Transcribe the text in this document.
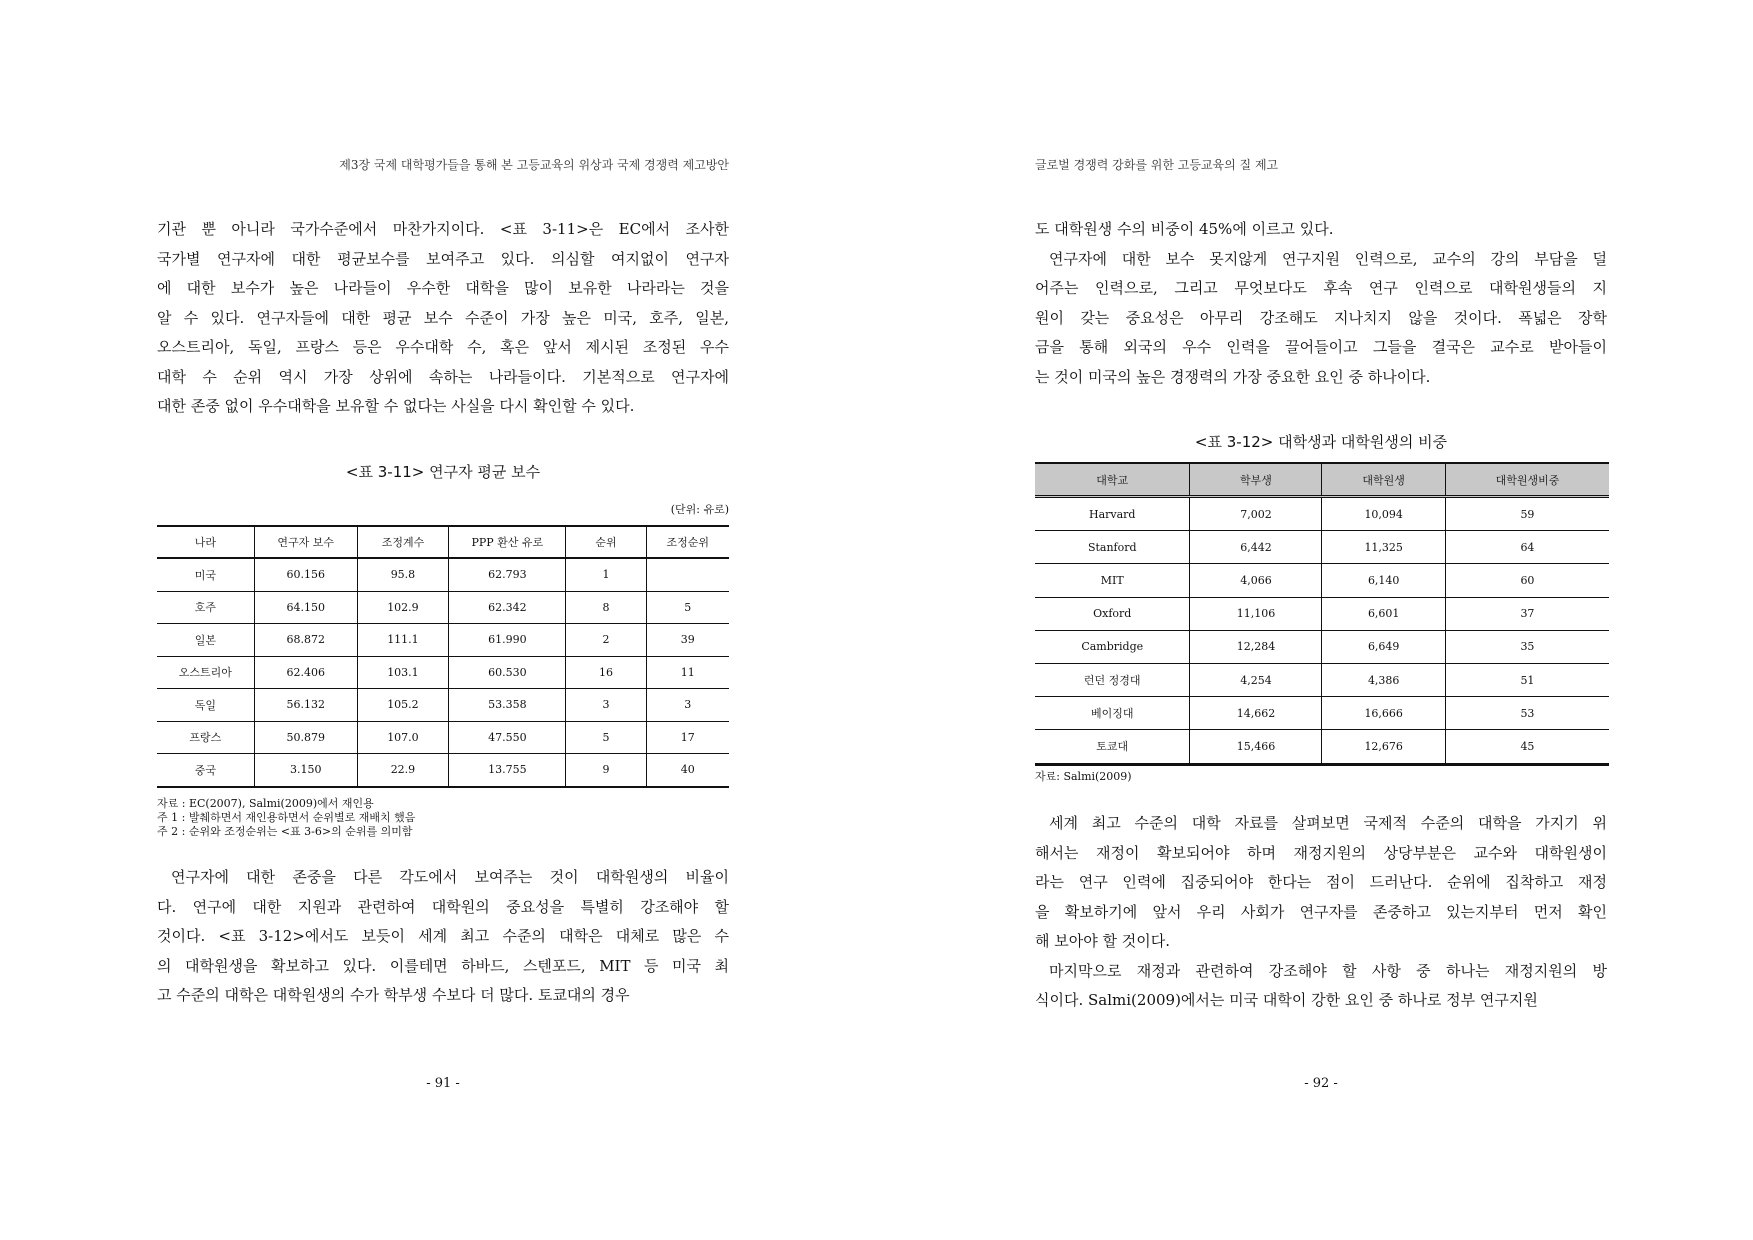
제3장 국제 대학평가들을 통해 본 고등교육의 위상과 국제 경쟁력 제고방안
기관 뿐 아니라 국가수준에서 마찬가지이다. <표 3-11>은 EC에서 조사한
국가별 연구자에 대한 평균보수를 보여주고 있다. 의심할 여지없이 연구자
에 대한 보수가 높은 나라들이 우수한 대학을 많이 보유한 나라라는 것을
알 수 있다. 연구자들에 대한 평균 보수 수준이 가장 높은 미국, 호주, 일본,
오스트리아, 독일, 프랑스 등은 우수대학 수, 혹은 앞서 제시된 조정된 우수
대학 수 순위 역시 가장 상위에 속하는 나라들이다. 기본적으로 연구자에
대한 존중 없이 우수대학을 보유할 수 없다는 사실을 다시 확인할 수 있다.
<표 3-11> 연구자 평균 보수
(단위: 유로)
나라	연구자 보수	조정계수	PPP 환산 유로	순위	조정순위
미국	60.156	95.8	62.793	1	
호주	64.150	102.9	62.342	8	5
일본	68.872	111.1	61.990	2	39
오스트리아	62.406	103.1	60.530	16	11
독일	56.132	105.2	53.358	3	3
프랑스	50.879	107.0	47.550	5	17
중국	3.150	22.9	13.755	9	40
자료 : EC(2007), Salmi(2009)에서 재인용
주 1 : 발췌하면서 재인용하면서 순위별로 재배치 했음
주 2 : 순위와 조정순위는 <표 3-6>의 순위를 의미함
연구자에 대한 존중을 다른 각도에서 보여주는 것이 대학원생의 비율이
다. 연구에 대한 지원과 관련하여 대학원의 중요성을 특별히 강조해야 할
것이다. <표 3-12>에서도 보듯이 세계 최고 수준의 대학은 대체로 많은 수
의 대학원생을 확보하고 있다. 이를테면 하바드, 스텐포드, MIT 등 미국 최
고 수준의 대학은 대학원생의 수가 학부생 수보다 더 많다. 토쿄대의 경우
- 91 -
글로벌 경쟁력 강화를 위한 고등교육의 질 제고
도 대학원생 수의 비중이 45%에 이르고 있다.
연구자에 대한 보수 못지않게 연구지원 인력으로, 교수의 강의 부담을 덜
어주는 인력으로, 그리고 무엇보다도 후속 연구 인력으로 대학원생들의 지
원이 갖는 중요성은 아무리 강조해도 지나치지 않을 것이다. 폭넓은 장학
금을 통해 외국의 우수 인력을 끌어들이고 그들을 결국은 교수로 받아들이
는 것이 미국의 높은 경쟁력의 가장 중요한 요인 중 하나이다.
<표 3-12> 대학생과 대학원생의 비중
대학교	학부생	대학원생	대학원생비중
Harvard	7,002	10,094	59
Stanford	6,442	11,325	64
MIT	4,066	6,140	60
Oxford	11,106	6,601	37
Cambridge	12,284	6,649	35
런던 정경대	4,254	4,386	51
베이징대	14,662	16,666	53
토쿄대	15,466	12,676	45
자료: Salmi(2009)
세계 최고 수준의 대학 자료를 살펴보면 국제적 수준의 대학을 가지기 위
해서는 재정이 확보되어야 하며 재정지원의 상당부분은 교수와 대학원생이
라는 연구 인력에 집중되어야 한다는 점이 드러난다. 순위에 집착하고 재정
을 확보하기에 앞서 우리 사회가 연구자를 존중하고 있는지부터 먼저 확인
해 보아야 할 것이다.
마지막으로 재정과 관련하여 강조해야 할 사항 중 하나는 재정지원의 방
식이다. Salmi(2009)에서는 미국 대학이 강한 요인 중 하나로 정부 연구지원
- 92 -
